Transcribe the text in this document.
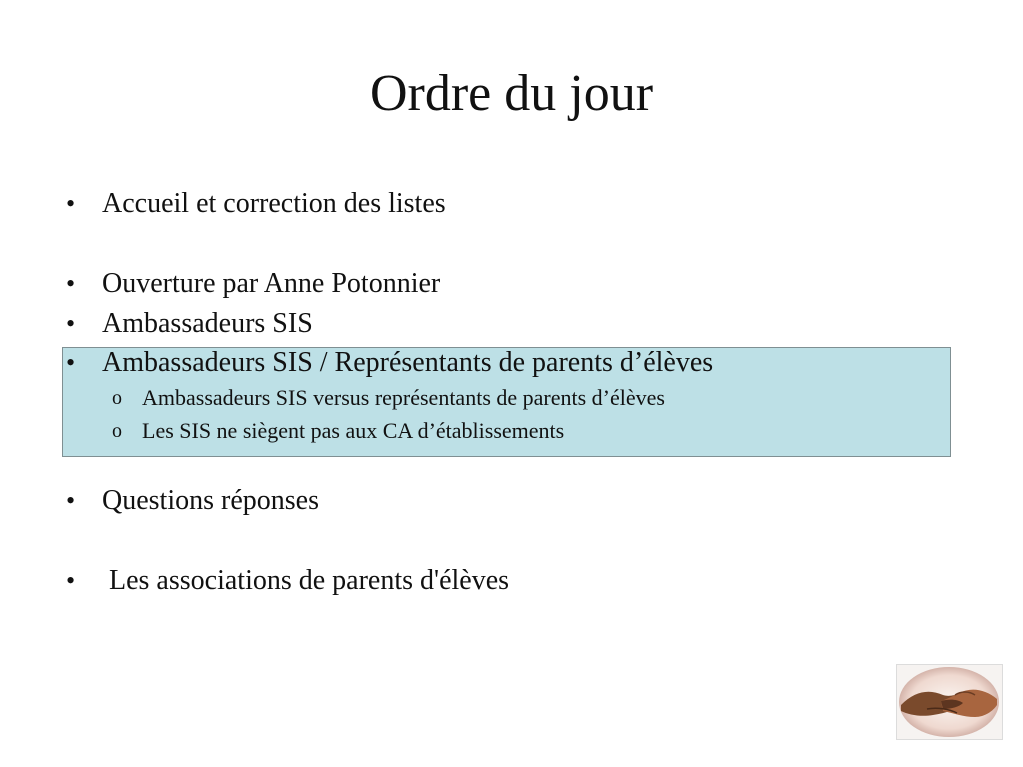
Ordre du jour
• Accueil et correction des listes
• Ouverture par Anne Potonnier
• Ambassadeurs SIS
• Ambassadeurs SIS / Représentants de parents d’élèves
o Ambassadeurs SIS versus représentants de parents d’élèves
o Les SIS ne siègent pas aux CA d’établissements
• Questions réponses
• Les associations de parents d'élèves
